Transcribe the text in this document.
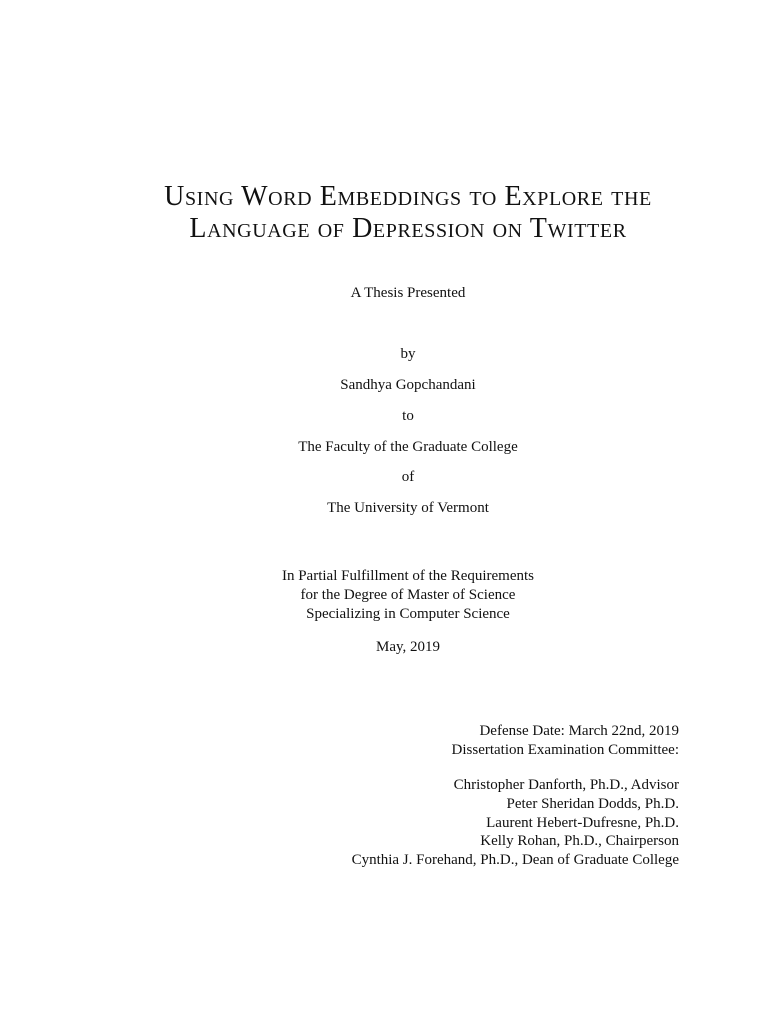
Using Word Embeddings to Explore the
Language of Depression on Twitter
A Thesis Presented
by
Sandhya Gopchandani
to
The Faculty of the Graduate College
of
The University of Vermont
In Partial Fulfillment of the Requirements
for the Degree of Master of Science
Specializing in Computer Science
May, 2019
Defense Date: March 22nd, 2019
Dissertation Examination Committee:
Christopher Danforth, Ph.D., Advisor
Peter Sheridan Dodds, Ph.D.
Laurent Hebert-Dufresne, Ph.D.
Kelly Rohan, Ph.D., Chairperson
Cynthia J. Forehand, Ph.D., Dean of Graduate College
